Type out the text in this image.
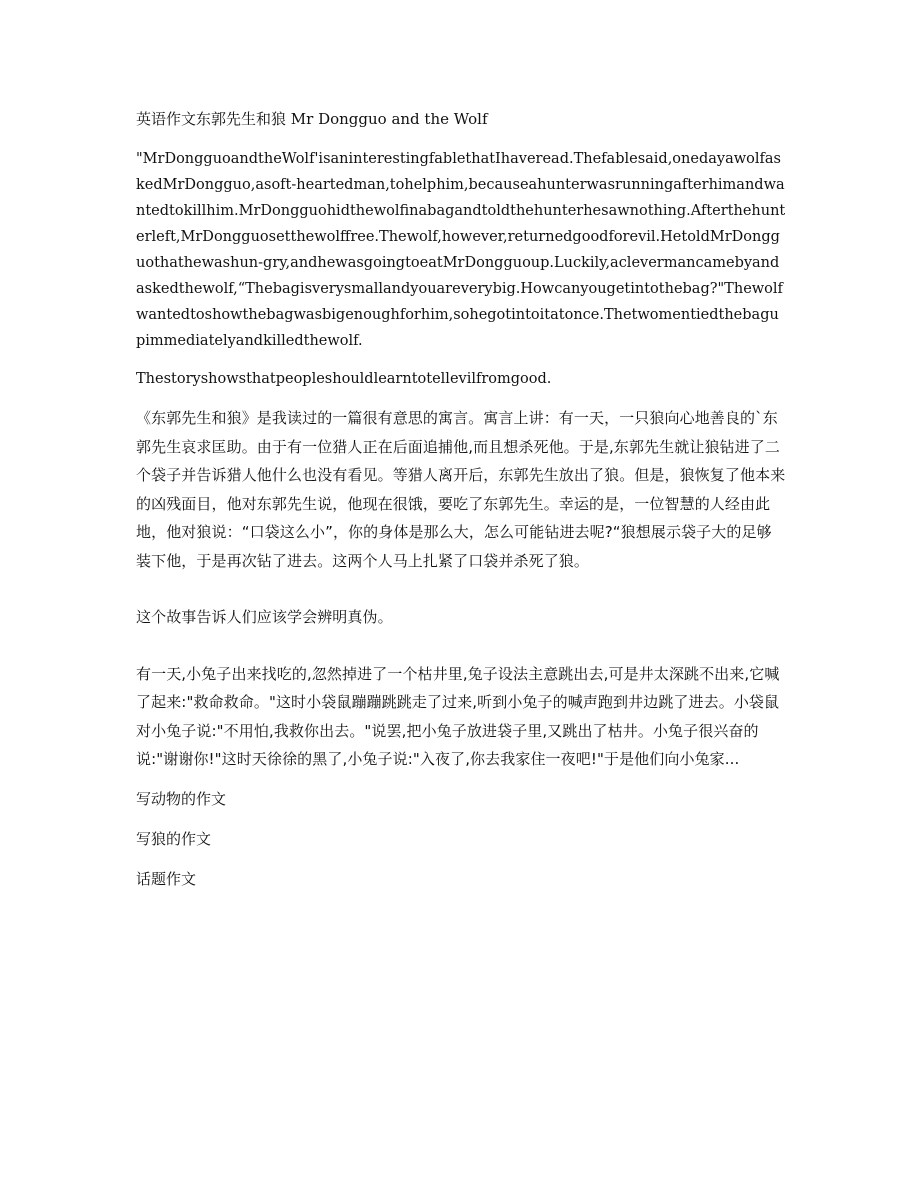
英语作文东郭先生和狼 Mr Dongguo and the Wolf

"MrDongguoandtheWolf'isaninterestingfablethatIhaveread.Thefablesaid,onedayawolfaskedMrDongguo,asoft-heartedman,tohelphim,becauseahunterwasrunningafterhimandwantedtokillhim.MrDongguohidthewolfinabagandtoldthehunterhesawnothing.Afterthehunterleft,MrDongguosetthewolffree.Thewolf,however,returnedgoodforevil.HetoldMrDongguothathewashun-gry,andhewasgoingtoeatMrDongguoup.Luckily,aclevermancamebyandaskedthewolf,“Thebagisverysmallandyouareverybig.Howcanyougetintothebag?"Thewolfwantedtoshowthebagwasbigenoughforhim,sohegotintoitatonce.Thetwomentiedthebagupimmediatelyandkilledthewolf.

Thestoryshowsthatpeopleshouldlearntotellevilfromgood.

《东郭先生和狼》是我读过的一篇很有意思的寓言。寓言上讲：有一天，一只狼向心地善良的`东郭先生哀求匡助。由于有一位猎人正在后面追捕他,而且想杀死他。于是,东郭先生就让狼钻进了二个袋子并告诉猎人他什么也没有看见。等猎人离开后，东郭先生放出了狼。但是，狼恢复了他本来的凶残面目，他对东郭先生说，他现在很饿，要吃了东郭先生。幸运的是，一位智慧的人经由此地，他对狼说：“口袋这么小”，你的身体是那么大，怎么可能钻进去呢?“狼想展示袋子大的足够装下他，于是再次钻了进去。这两个人马上扎紧了口袋并杀死了狼。

这个故事告诉人们应该学会辨明真伪。

有一天,小兔子出来找吃的,忽然掉进了一个枯井里,兔子设法主意跳出去,可是井太深跳不出来,它喊了起来:"救命救命。"这时小袋鼠蹦蹦跳跳走了过来,听到小兔子的喊声跑到井边跳了进去。小袋鼠对小兔子说:"不用怕,我救你出去。"说罢,把小兔子放进袋子里,又跳出了枯井。小兔子很兴奋的说:"谢谢你!"这时天徐徐的黑了,小兔子说:"入夜了,你去我家住一夜吧!"于是他们向小兔家...

写动物的作文

写狼的作文

话题作文
